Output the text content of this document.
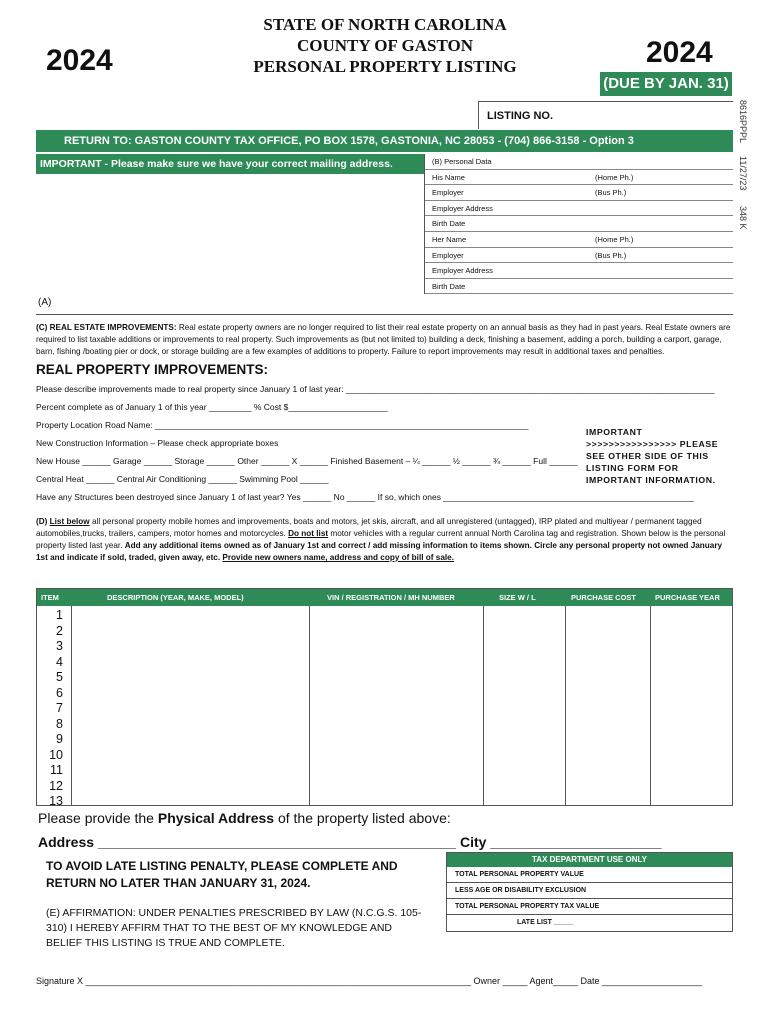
2024
STATE OF NORTH CAROLINA
COUNTY OF GASTON
PERSONAL PROPERTY LISTING	2024
(DUE BY JAN. 31)
8616PPPL
11/27/23
348 K
LISTING NO.
RETURN TO: GASTON COUNTY TAX OFFICE, PO BOX 1578, GASTONIA, NC 28053 - (704) 866-3158 - Option 3
IMPORTANT - Please make sure we have your correct mailing address.
(A)
(B) Personal Data
His Name	(Home Ph.)
Employer	(Bus Ph.)
Employer Address
Birth Date
Her Name	(Home Ph.)
Employer	(Bus Ph.)
Employer Address
Birth Date
(C) REAL ESTATE IMPROVEMENTS: Real estate property owners are no longer required to list their real estate property on an annual basis as they had in past years. Real Estate owners are required to list taxable additions or improvements to real property. Such improvements as (but not limited to) building a deck, finishing a basement, adding a porch, building a carport, garage, barn, fishing /boating pier or dock, or storage building are a few examples of additions to property. Failure to report improvements may result in additional taxes and penalties.
REAL PROPERTY IMPROVEMENTS:
Please describe improvements made to real property since January 1 of last year: ______________________________________________________________________________
Percent complete as of January 1 of this year _________ % Cost $_____________________
Property Location Road Name: _______________________________________________________________________________
New Construction Information – Please check appropriate boxes
New House ______ Garage ______ Storage ______ Other ______ X ______ Finished Basement – ¼ ______ ½ ______ ¾ ______ Full ______
Central Heat ______ Central Air Conditioning ______ Swimming Pool ______
Have any Structures been destroyed since January 1 of last year? Yes ______ No ______ If so, which ones _____________________________________________________
IMPORTANT >>>>>>>>>>>>>>>> PLEASE SEE OTHER SIDE OF THIS LISTING FORM FOR IMPORTANT INFORMATION.
(D) List below all personal property mobile homes and improvements, boats and motors, jet skis, aircraft, and all unregistered (untagged), IRP plated and multiyear / permanent tagged automobiles,trucks, trailers, campers, motor homes and motorcycles. Do not list motor vehicles with a regular current annual North Carolina tag and registration. Shown below is the personal property listed last year. Add any additional items owned as of January 1st and correct / add missing information to items shown. Circle any personal property not owned January 1st and indicate if sold, traded, given away, etc. Provide new owners name, address and copy of bill of sale.
ITEM	DESCRIPTION (YEAR, MAKE, MODEL)	VIN / REGISTRATION / MH NUMBER	SIZE W / L	PURCHASE COST	PURCHASE YEAR
1
2
3
4
5
6
7
8
9
10
11
12
13
Please provide the Physical Address of the property listed above:
Address ______________________________________________ City ______________________
TO AVOID LATE LISTING PENALTY, PLEASE COMPLETE AND RETURN NO LATER THAN JANUARY 31, 2024.
(E) AFFIRMATION: UNDER PENALTIES PRESCRIBED BY LAW (N.C.G.S. 105-310) I HEREBY AFFIRM THAT TO THE BEST OF MY KNOWLEDGE AND BELIEF THIS LISTING IS TRUE AND COMPLETE.
TAX DEPARTMENT USE ONLY
TOTAL PERSONAL PROPERTY VALUE
LESS AGE OR DISABILITY EXCLUSION
TOTAL PERSONAL PROPERTY TAX VALUE
LATE LIST _____
Signature X _____________________________________________________________________________ Owner _____ Agent_____ Date ____________________
